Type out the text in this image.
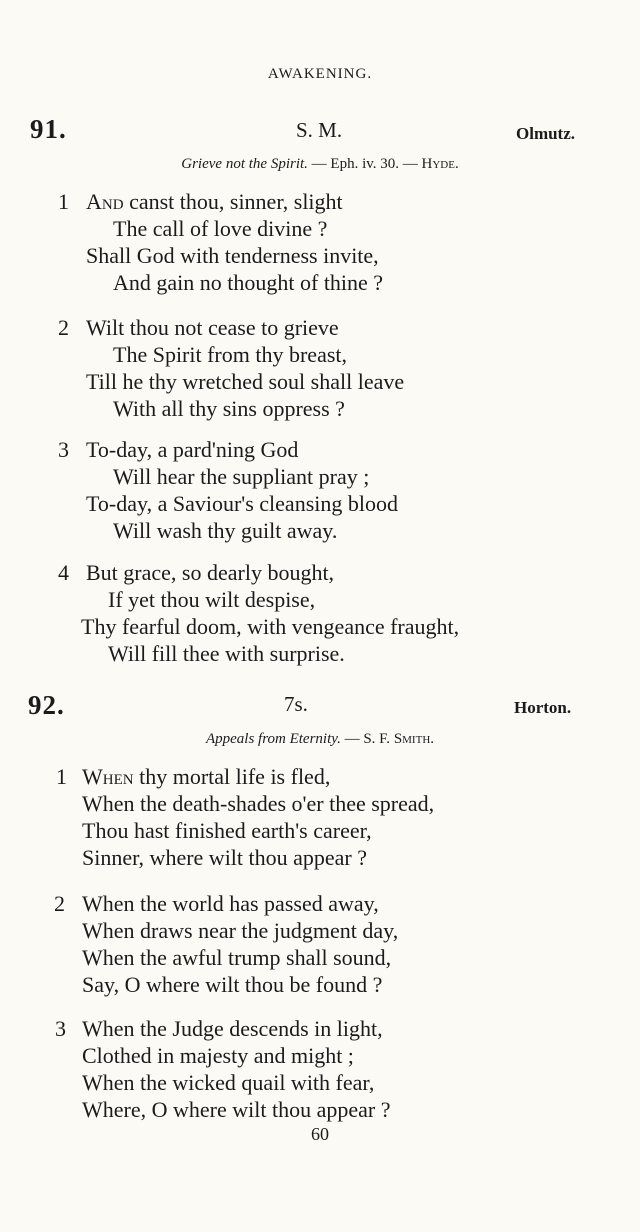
AWAKENING.
91.	S. M.	Olmutz.
Grieve not the Spirit. — Eph. iv. 30. — Hyde.
1 And canst thou, sinner, slight
The call of love divine ?
Shall God with tenderness invite,
And gain no thought of thine ?
2 Wilt thou not cease to grieve
The Spirit from thy breast,
Till he thy wretched soul shall leave
With all thy sins oppress ?
3 To-day, a pard'ning God
Will hear the suppliant pray ;
To-day, a Saviour's cleansing blood
Will wash thy guilt away.
4 But grace, so dearly bought,
If yet thou wilt despise,
Thy fearful doom, with vengeance fraught,
Will fill thee with surprise.
92.	7s.	Horton.
Appeals from Eternity. — S. F. Smith.
1 When thy mortal life is fled,
When the death-shades o'er thee spread,
Thou hast finished earth's career,
Sinner, where wilt thou appear ?
2 When the world has passed away,
When draws near the judgment day,
When the awful trump shall sound,
Say, O where wilt thou be found ?
3 When the Judge descends in light,
Clothed in majesty and might ;
When the wicked quail with fear,
Where, O where wilt thou appear ?
60
